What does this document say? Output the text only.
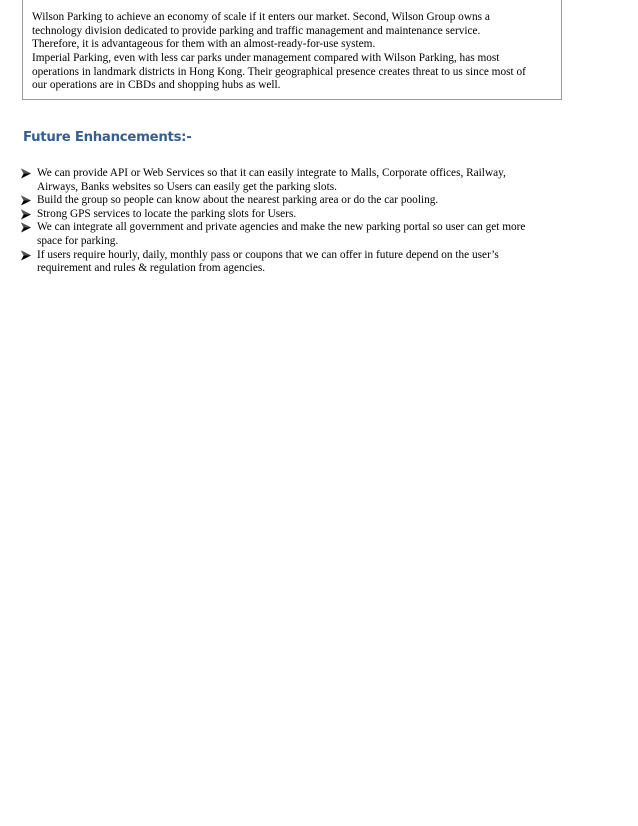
Wilson Parking to achieve an economy of scale if it enters our market. Second, Wilson Group owns a
technology division dedicated to provide parking and traffic management and maintenance service.
Therefore, it is advantageous for them with an almost-ready-for-use system.
Imperial Parking, even with less car parks under management compared with Wilson Parking, has most
operations in landmark districts in Hong Kong. Their geographical presence creates threat to us since most of
our operations are in CBDs and shopping hubs as well.
Future Enhancements:-
We can provide API or Web Services so that it can easily integrate to Malls, Corporate offices, Railway,
Airways, Banks websites so Users can easily get the parking slots.
Build the group so people can know about the nearest parking area or do the car pooling.
Strong GPS services to locate the parking slots for Users.
We can integrate all government and private agencies and make the new parking portal so user can get more
space for parking.
If users require hourly, daily, monthly pass or coupons that we can offer in future depend on the user’s
requirement and rules & regulation from agencies.
